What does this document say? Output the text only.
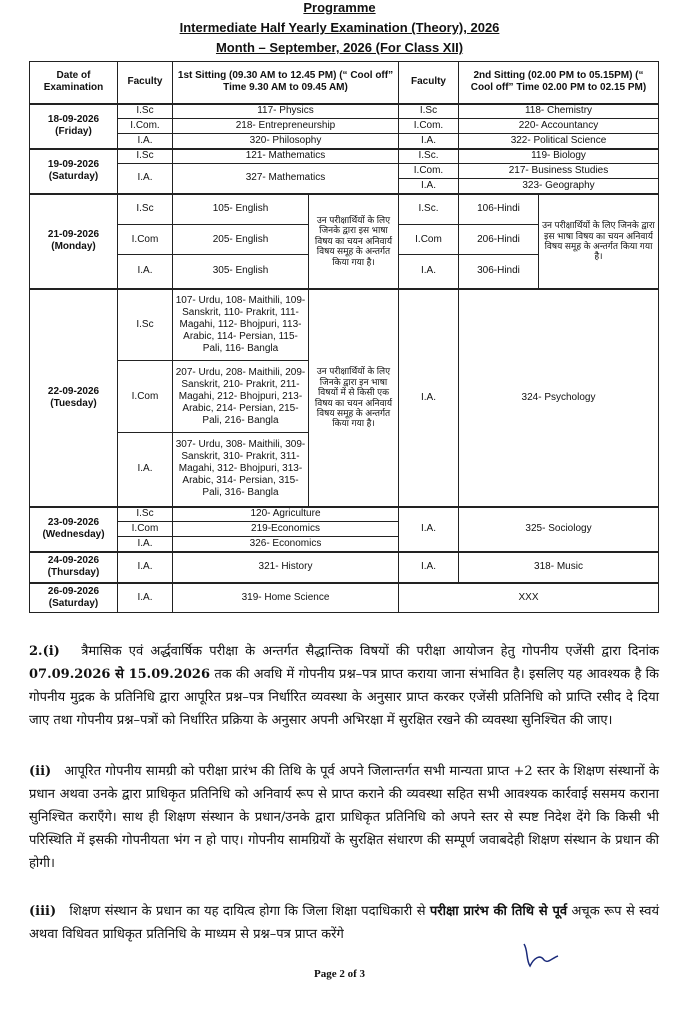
Programme
Intermediate Half Yearly Examination (Theory), 2026
Month – September, 2026 (For Class XII)
Date of Examination	Faculty	1st Sitting (09.30 AM to 12.45 PM) (“ Cool off” Time 9.30 AM to 09.45 AM)		Faculty	2nd Sitting (02.00 PM to 05.15PM) (“ Cool off” Time 02.00 PM to 02.15 PM)	
18-09-2026
(Friday)	I.Sc	117- Physics		I.Sc	118- Chemistry	
	I.Com.	218- Entrepreneurship		I.Com.	220- Accountancy	
	I.A.	320- Philosophy		I.A.	322- Political Science	
19-09-2026
(Saturday)	I.Sc	121- Mathematics		I.Sc.	119- Biology	
	I.A.	327- Mathematics		I.Com.	217- Business Studies	
				I.A.	323- Geography	
21-09-2026
(Monday)	I.Sc	105- English	उन परीक्षार्थियों के लिए जिनके द्वारा इस भाषा विषय का चयन अनिवार्य विषय समूह के अन्तर्गत किया गया है।	I.Sc.	106-Hindi	उन परीक्षार्थियों के लिए जिनके द्वारा इस भाषा विषय का चयन अनिवार्य विषय समूह के अन्तर्गत किया गया है।
	I.Com	205- English		I.Com	206-Hindi	
	I.A.	305- English		I.A.	306-Hindi	
22-09-2026
(Tuesday)	I.Sc	107- Urdu, 108- Maithili, 109- Sanskrit, 110- Prakrit, 111- Magahi, 112- Bhojpuri, 113- Arabic, 114- Persian, 115- Pali, 116- Bangla	उन परीक्षार्थियों के लिए जिनके द्वारा इन भाषा विषयों में से किसी एक विषय का चयन अनिवार्य विषय समूह के अन्तर्गत किया गया है।	I.A.	324- Psychology	
	I.Com	207- Urdu, 208- Maithili, 209- Sanskrit, 210- Prakrit, 211- Magahi, 212- Bhojpuri, 213- Arabic, 214- Persian, 215- Pali, 216- Bangla				
	I.A.	307- Urdu, 308- Maithili, 309- Sanskrit, 310- Prakrit, 311- Magahi, 312- Bhojpuri, 313- Arabic, 314- Persian, 315- Pali, 316- Bangla				
23-09-2026
(Wednesday)	I.Sc	120- Agriculture		I.A.	325- Sociology	
	I.Com	219-Economics				
	I.A.	326- Economics				
24-09-2026
(Thursday)	I.A.	321- History		I.A.	318- Music	
26-09-2026
(Saturday)	I.A.	319- Home Science		XXX		
2.(i) त्रैमासिक एवं अर्द्धवार्षिक परीक्षा के अन्तर्गत सैद्धान्तिक विषयों की परीक्षा आयोजन हेतु गोपनीय एजेंसी द्वारा दिनांक 07.09.2026 से 15.09.2026 तक की अवधि में गोपनीय प्रश्न–पत्र प्राप्त कराया जाना संभावित है। इसलिए यह आवश्यक है कि गोपनीय मुद्रक के प्रतिनिधि द्वारा आपूरित प्रश्न–पत्र निर्धारित व्यवस्था के अनुसार प्राप्त करकर एजेंसी प्रतिनिधि को प्राप्ति रसीद दे दिया जाए तथा गोपनीय प्रश्न–पत्रों को निर्धारित प्रक्रिया के अनुसार अपनी अभिरक्षा में सुरक्षित रखने की व्यवस्था सुनिश्चित की जाए।
(ii) आपूरित गोपनीय सामग्री को परीक्षा प्रारंभ की तिथि के पूर्व अपने जिलान्तर्गत सभी मान्यता प्राप्त +2 स्तर के शिक्षण संस्थानों के प्रधान अथवा उनके द्वारा प्राधिकृत प्रतिनिधि को अनिवार्य रूप से प्राप्त कराने की व्यवस्था सहित सभी आवश्यक कार्रवाई ससमय कराना सुनिश्चित कराएँगे। साथ ही शिक्षण संस्थान के प्रधान/उनके द्वारा प्राधिकृत प्रतिनिधि को अपने स्तर से स्पष्ट निदेश देंगे कि किसी भी परिस्थिति में इसकी गोपनीयता भंग न हो पाए। गोपनीय सामग्रियों के सुरक्षित संधारण की सम्पूर्ण जवाबदेही शिक्षण संस्थान के प्रधान की होगी।
(iii) शिक्षण संस्थान के प्रधान का यह दायित्व होगा कि जिला शिक्षा पदाधिकारी से परीक्षा प्रारंभ की तिथि से पूर्व अचूक रूप से स्वयं अथवा विधिवत प्राधिकृत प्रतिनिधि के माध्यम से प्रश्न–पत्र प्राप्त करेंगे
Page 2 of 3
